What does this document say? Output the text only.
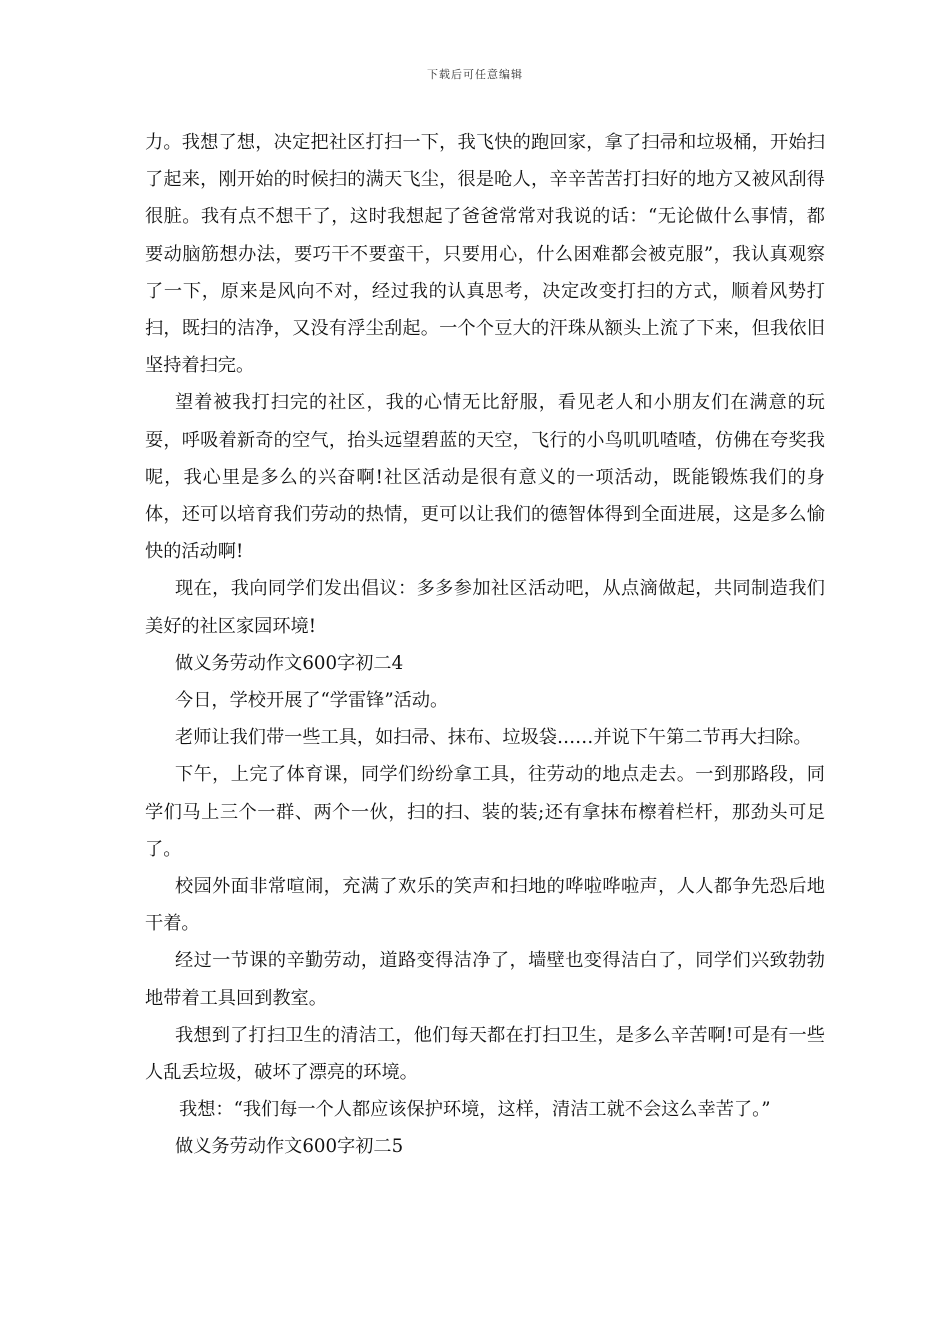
下载后可任意编辑

力。我想了想，决定把社区打扫一下，我飞快的跑回家，拿了扫帚和垃圾桶，开始扫了起来，刚开始的时候扫的满天飞尘，很是呛人，辛辛苦苦打扫好的地方又被风刮得很脏。我有点不想干了，这时我想起了爸爸常常对我说的话：“无论做什么事情，都要动脑筋想办法，要巧干不要蛮干，只要用心，什么困难都会被克服”，我认真观察了一下，原来是风向不对，经过我的认真思考，决定改变打扫的方式，顺着风势打扫，既扫的洁净，又没有浮尘刮起。一个个豆大的汗珠从额头上流了下来，但我依旧坚持着扫完。

望着被我打扫完的社区，我的心情无比舒服，看见老人和小朋友们在满意的玩耍，呼吸着新奇的空气，抬头远望碧蓝的天空，飞行的小鸟叽叽喳喳，仿佛在夸奖我呢，我心里是多么的兴奋啊!社区活动是很有意义的一项活动，既能锻炼我们的身体，还可以培育我们劳动的热情，更可以让我们的德智体得到全面进展，这是多么愉快的活动啊!

现在，我向同学们发出倡议：多多参加社区活动吧，从点滴做起，共同制造我们美好的社区家园环境!

做义务劳动作文600字初二4

今日，学校开展了“学雷锋”活动。

老师让我们带一些工具，如扫帚、抹布、垃圾袋……并说下午第二节再大扫除。

下午，上完了体育课，同学们纷纷拿工具，往劳动的地点走去。一到那路段，同学们马上三个一群、两个一伙，扫的扫、装的装;还有拿抹布檫着栏杆，那劲头可足了。

校园外面非常喧闹，充满了欢乐的笑声和扫地的哗啦哗啦声，人人都争先恐后地干着。

经过一节课的辛勤劳动，道路变得洁净了，墙壁也变得洁白了，同学们兴致勃勃地带着工具回到教室。

我想到了打扫卫生的清洁工，他们每天都在打扫卫生，是多么辛苦啊!可是有一些人乱丢垃圾，破坏了漂亮的环境。

我想：“我们每一个人都应该保护环境，这样，清洁工就不会这么幸苦了。”

做义务劳动作文600字初二5
